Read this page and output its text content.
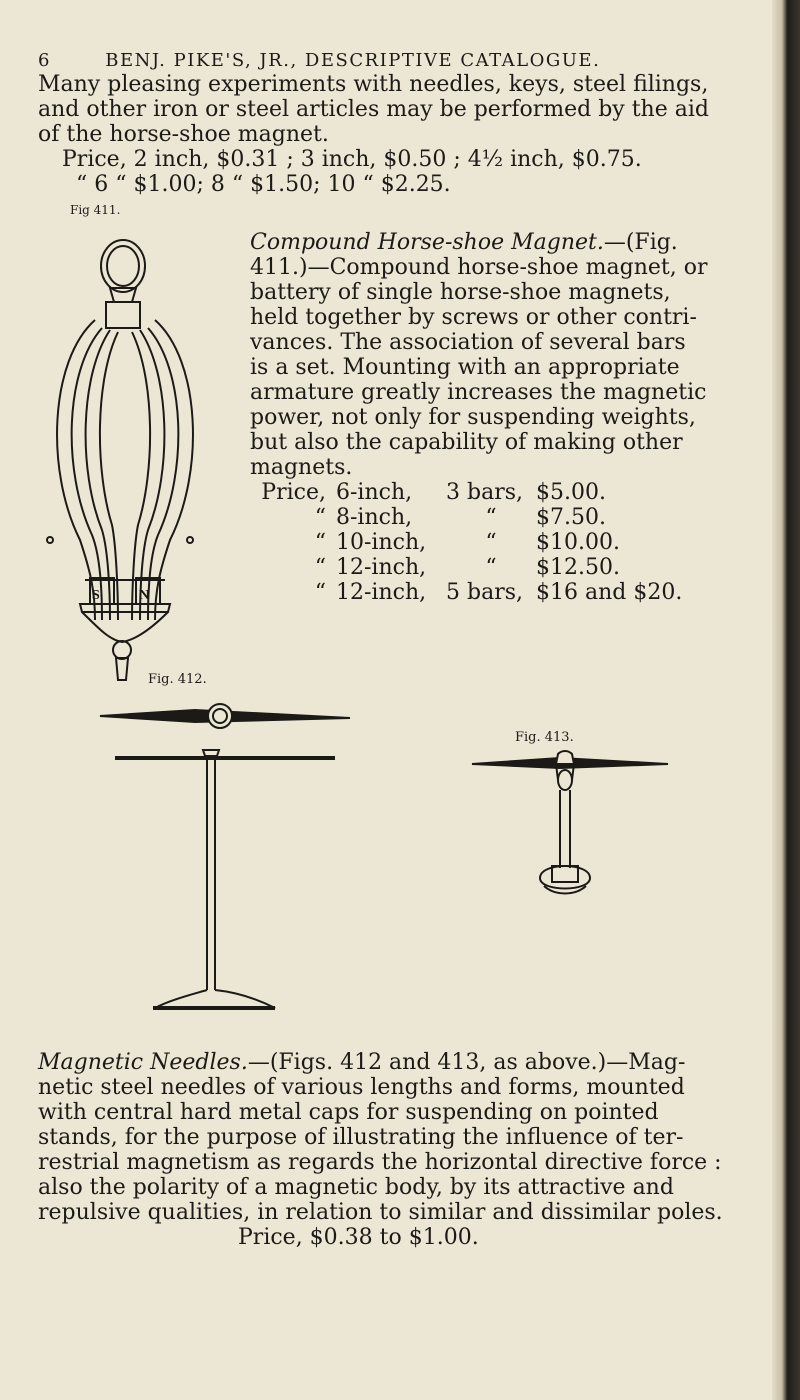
6	BENJ. PIKE'S, JR., DESCRIPTIVE CATALOGUE.
Many pleasing experiments with needles, keys, steel filings,
and other iron or steel articles may be performed by the aid
of the horse-shoe magnet.
Price, 2 inch, $0.31 ; 3 inch, $0.50 ; 4½ inch, $0.75.
“ 6 “ $1.00; 8 “ $1.50; 10 “ $2.25.
Fig 411.
S	N
Compound Horse-shoe Magnet.—(Fig.
411.)—Compound horse-shoe magnet, or
battery of single horse-shoe magnets,
held together by screws or other contri-
vances. The association of several bars
is a set. Mounting with an appropriate
armature greatly increases the magnetic
power, not only for suspending weights,
but also the capability of making other
magnets.
Price, 6-inch,	3 bars, $5.00.
“ 8-inch,	“	$7.50.
“ 10-inch,	“	$10.00.
“ 12-inch,	“	$12.50.
“ 12-inch, 5 bars, $16 and $20.
Fig. 412.
Fig. 413.
Magnetic Needles.—(Figs. 412 and 413, as above.)—Mag-
netic steel needles of various lengths and forms, mounted
with central hard metal caps for suspending on pointed
stands, for the purpose of illustrating the influence of ter-
restrial magnetism as regards the horizontal directive force :
also the polarity of a magnetic body, by its attractive and
repulsive qualities, in relation to similar and dissimilar poles.
Price, $0.38 to $1.00.
